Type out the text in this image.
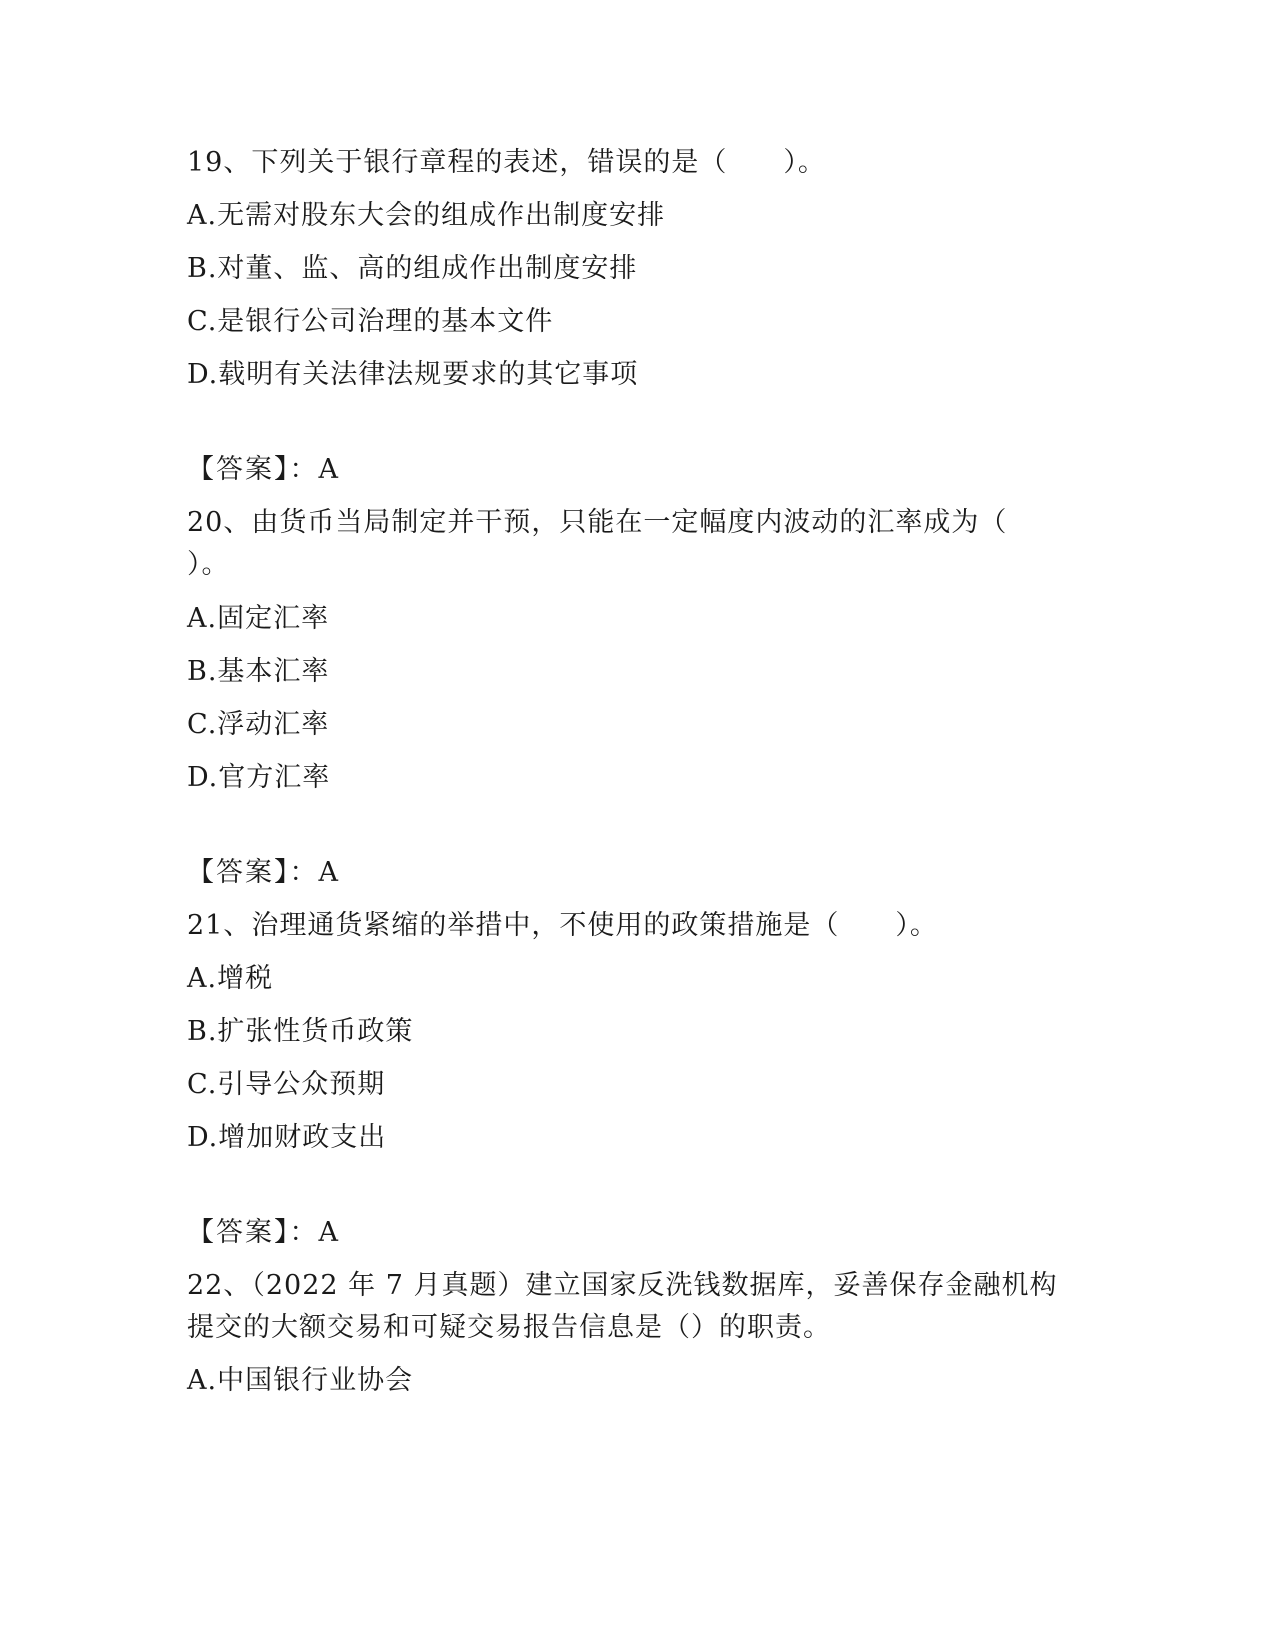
19、下列关于银行章程的表述，错误的是（　　）。
A.无需对股东大会的组成作出制度安排
B.对董、监、高的组成作出制度安排
C.是银行公司治理的基本文件
D.载明有关法律法规要求的其它事项
【答案】：A
20、由货币当局制定并干预，只能在一定幅度内波动的汇率成为（
）。
A.固定汇率
B.基本汇率
C.浮动汇率
D.官方汇率
【答案】：A
21、治理通货紧缩的举措中，不使用的政策措施是（　　）。
A.增税
B.扩张性货币政策
C.引导公众预期
D.增加财政支出
【答案】：A
22、（2022 年 7 月真题）建立国家反洗钱数据库，妥善保存金融机构
提交的大额交易和可疑交易报告信息是（）的职责。
A.中国银行业协会
